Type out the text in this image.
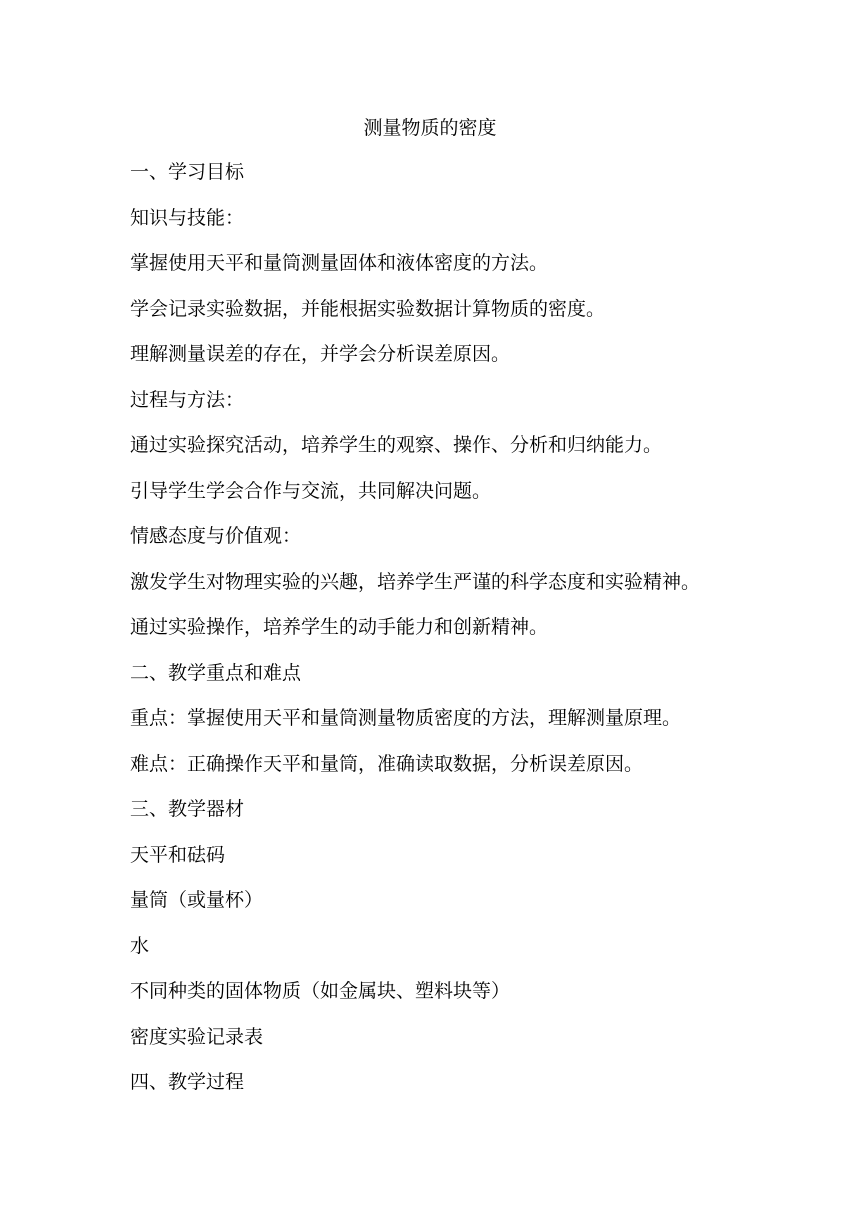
测量物质的密度

一、学习目标

知识与技能：

掌握使用天平和量筒测量固体和液体密度的方法。

学会记录实验数据，并能根据实验数据计算物质的密度。

理解测量误差的存在，并学会分析误差原因。

过程与方法：

通过实验探究活动，培养学生的观察、操作、分析和归纳能力。

引导学生学会合作与交流，共同解决问题。

情感态度与价值观：

激发学生对物理实验的兴趣，培养学生严谨的科学态度和实验精神。

通过实验操作，培养学生的动手能力和创新精神。

二、教学重点和难点

重点：掌握使用天平和量筒测量物质密度的方法，理解测量原理。

难点：正确操作天平和量筒，准确读取数据，分析误差原因。

三、教学器材

天平和砝码

量筒（或量杯）

水

不同种类的固体物质（如金属块、塑料块等）

密度实验记录表

四、教学过程
